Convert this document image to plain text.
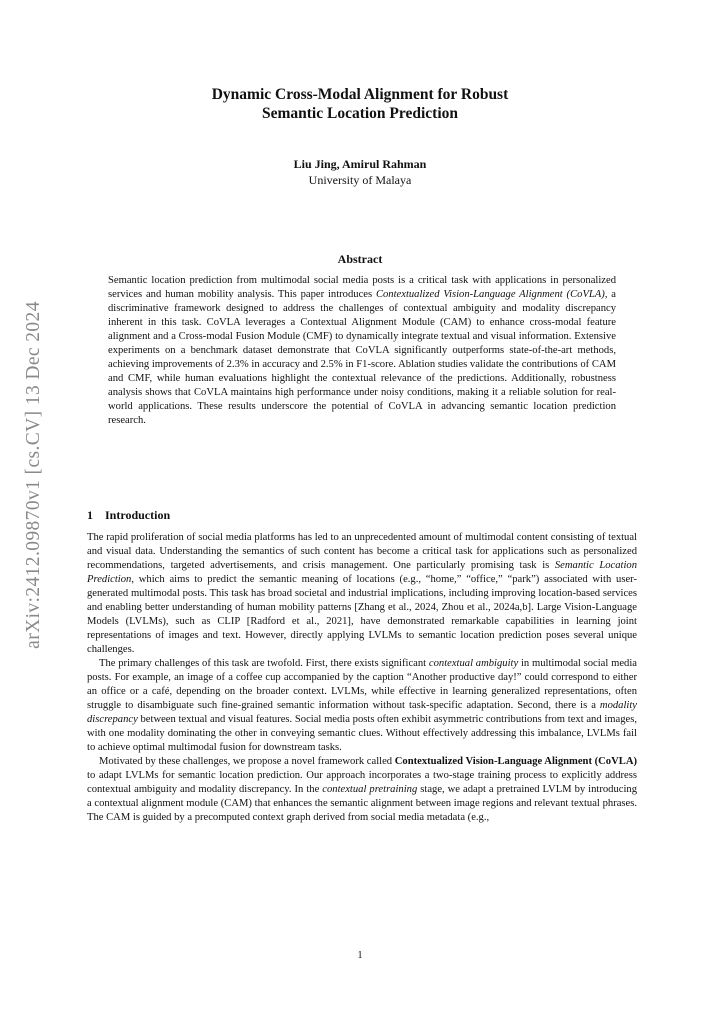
arXiv:2412.09870v1 [cs.CV] 13 Dec 2024
Dynamic Cross-Modal Alignment for Robust
Semantic Location Prediction
Liu Jing, Amirul Rahman
University of Malaya
Abstract
Semantic location prediction from multimodal social media posts is a critical task with applications in personalized services and human mobility analysis. This paper introduces Contextualized Vision-Language Alignment (CoVLA), a discriminative framework designed to address the challenges of contextual ambiguity and modality discrepancy inherent in this task. CoVLA leverages a Contextual Alignment Module (CAM) to enhance cross-modal feature alignment and a Cross-modal Fusion Module (CMF) to dynamically integrate textual and visual information. Extensive experiments on a benchmark dataset demonstrate that CoVLA significantly outperforms state-of-the-art methods, achieving improvements of 2.3% in accuracy and 2.5% in F1-score. Ablation studies validate the contributions of CAM and CMF, while human evaluations highlight the contextual relevance of the predictions. Additionally, robustness analysis shows that CoVLA maintains high performance under noisy conditions, making it a reliable solution for real-world applications. These results underscore the potential of CoVLA in advancing semantic location prediction research.
1 Introduction

The rapid proliferation of social media platforms has led to an unprecedented amount of multimodal content consisting of textual and visual data. Understanding the semantics of such content has become a critical task for applications such as personalized recommendations, targeted advertisements, and crisis management. One particularly promising task is Semantic Location Prediction, which aims to predict the semantic meaning of locations (e.g., “home,” “office,” “park”) associated with user-generated multimodal posts. This task has broad societal and industrial implications, including improving location-based services and enabling better understanding of human mobility patterns [Zhang et al., 2024, Zhou et al., 2024a,b]. Large Vision-Language Models (LVLMs), such as CLIP [Radford et al., 2021], have demonstrated remarkable capabilities in learning joint representations of images and text. However, directly applying LVLMs to semantic location prediction poses several unique challenges.

The primary challenges of this task are twofold. First, there exists significant contextual ambiguity in multimodal social media posts. For example, an image of a coffee cup accompanied by the caption “Another productive day!” could correspond to either an office or a café, depending on the broader context. LVLMs, while effective in learning generalized representations, often struggle to disambiguate such fine-grained semantic information without task-specific adaptation. Second, there is a modality discrepancy between textual and visual features. Social media posts often exhibit asymmetric contributions from text and images, with one modality dominating the other in conveying semantic clues. Without effectively addressing this imbalance, LVLMs fail to achieve optimal multimodal fusion for downstream tasks.

Motivated by these challenges, we propose a novel framework called Contextualized Vision-Language Alignment (CoVLA) to adapt LVLMs for semantic location prediction. Our approach incorporates a two-stage training process to explicitly address contextual ambiguity and modality discrepancy. In the contextual pretraining stage, we adapt a pretrained LVLM by introducing a contextual alignment module (CAM) that enhances the semantic alignment between image regions and relevant textual phrases. The CAM is guided by a precomputed context graph derived from social media metadata (e.g.,

1
